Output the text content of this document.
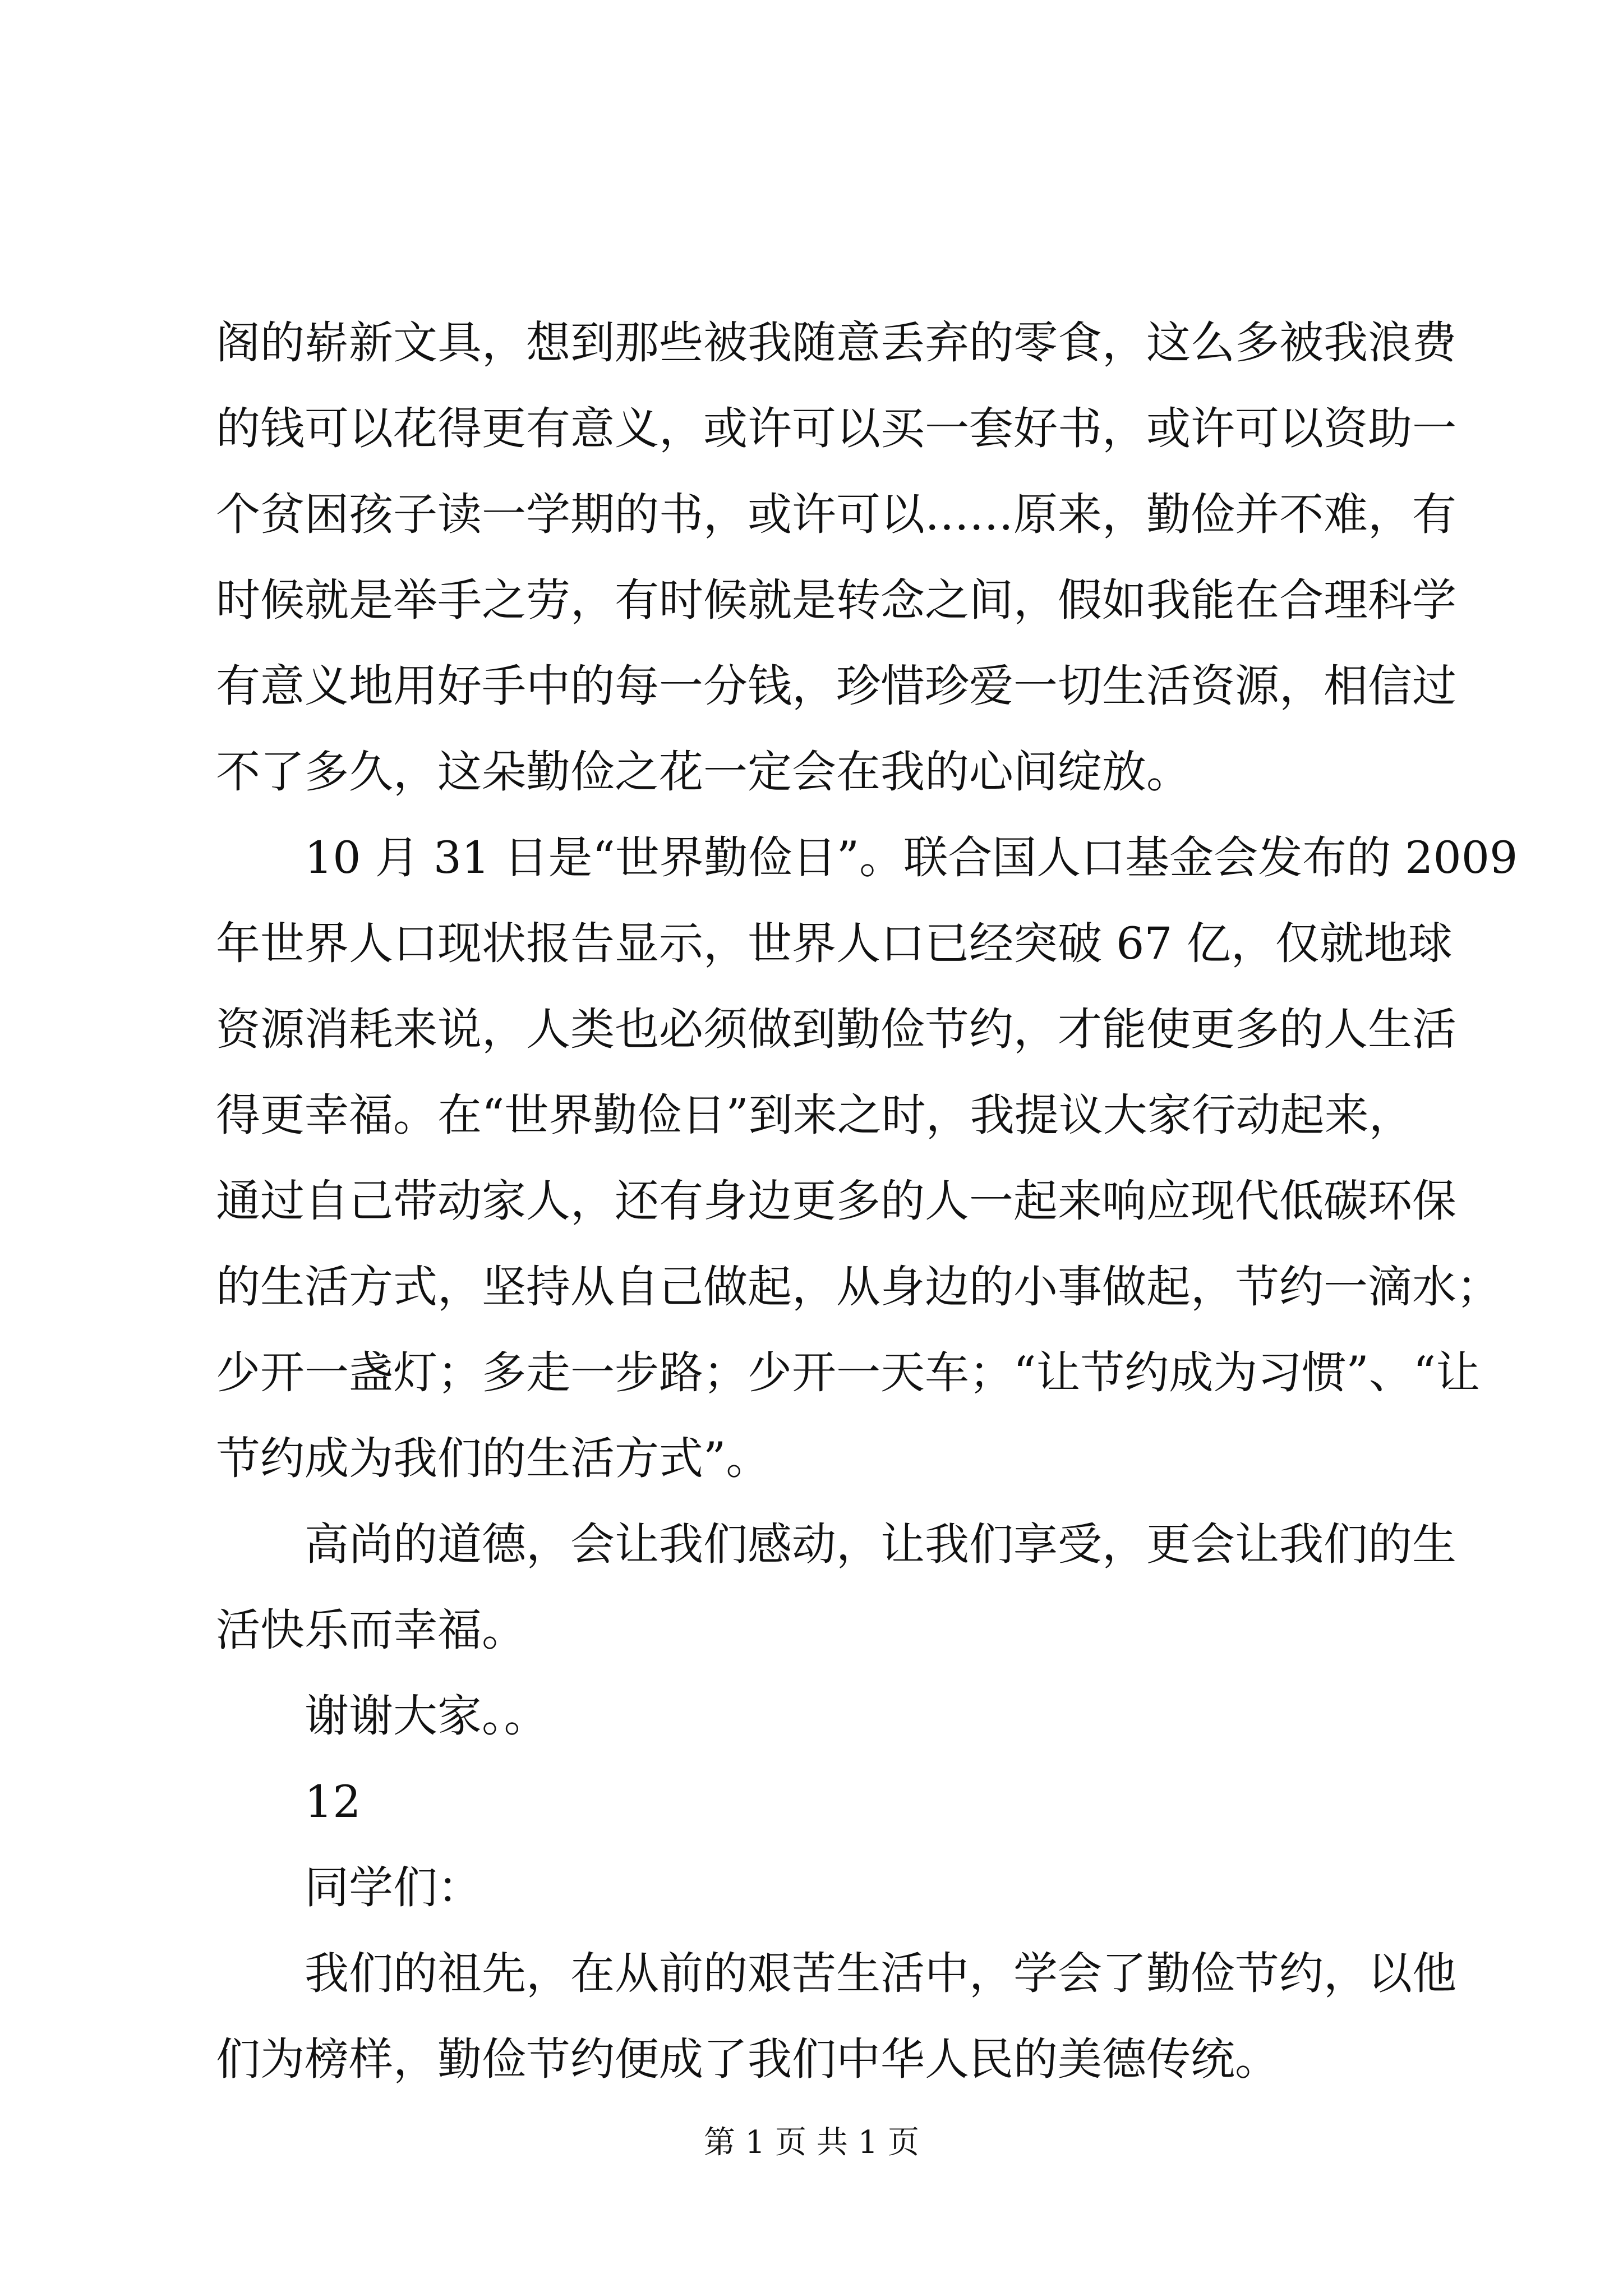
阁的崭新文具，想到那些被我随意丢弃的零食，这么多被我浪费
的钱可以花得更有意义，或许可以买一套好书，或许可以资助一
个贫困孩子读一学期的书，或许可以……原来，勤俭并不难，有
时候就是举手之劳，有时候就是转念之间，假如我能在合理科学
有意义地用好手中的每一分钱，珍惜珍爱一切生活资源，相信过
不了多久，这朵勤俭之花一定会在我的心间绽放。
10 月 31 日是“世界勤俭日”。联合国人口基金会发布的 2009
年世界人口现状报告显示，世界人口已经突破 67 亿，仅就地球
资源消耗来说，人类也必须做到勤俭节约，才能使更多的人生活
得更幸福。在“世界勤俭日”到来之时，我提议大家行动起来，
通过自己带动家人，还有身边更多的人一起来响应现代低碳环保
的生活方式，坚持从自己做起，从身边的小事做起，节约一滴水；
少开一盏灯；多走一步路；少开一天车；“让节约成为习惯”、“让
节约成为我们的生活方式”。
高尚的道德，会让我们感动，让我们享受，更会让我们的生
活快乐而幸福。
谢谢大家。。
12
同学们：
我们的祖先，在从前的艰苦生活中，学会了勤俭节约，以他
们为榜样，勤俭节约便成了我们中华人民的美德传统。
第 1 页 共 1 页
